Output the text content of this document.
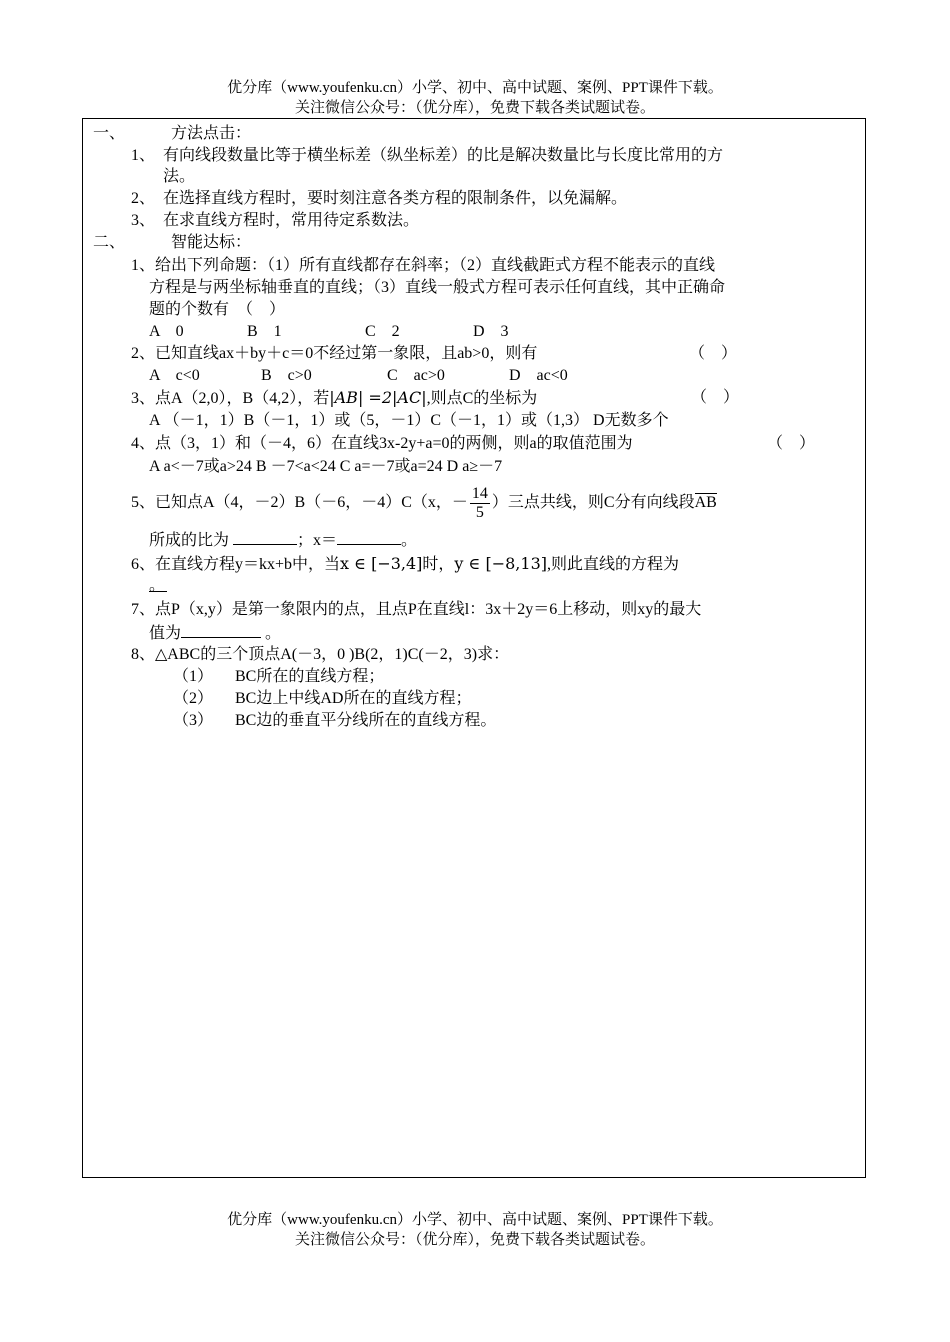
优分库（www.youfenku.cn）小学、初中、高中试题、案例、PPT课件下载。
关注微信公众号：（优分库），免费下载各类试题试卷。
一、	方法点击：
1、 有向线段数量比等于横坐标差（纵坐标差）的比是解决数量比与长度比常用的方
法。
2、 在选择直线方程时，要时刻注意各类方程的限制条件，以免漏解。
3、 在求直线方程时，常用待定系数法。
二、	智能达标：
1、给出下列命题：（1）所有直线都存在斜率；（2）直线截距式方程不能表示的直线
方程是与两坐标轴垂直的直线；（3）直线一般式方程可表示任何直线，其中正确命
题的个数有　（　）
A　0	B　1	C　2	D　3
2、已知直线ax＋by＋c＝0不经过第一象限，且ab>0，则有	（　）
A　c<0	B　c>0	C　ac>0	D　ac<0
3、点A（2,0），B（4,2），若|AB| =2|AC|,则点C的坐标为	（　）
A （－1，1）B（－1，1）或（5，－1）C（－1，1）或（1,3） D无数多个
4、点（3，1）和（－4，6）在直线3x-2y+a=0的两侧，则a的取值范围为	（　）
A a<－7或a>24 B －7<a<24 C a=－7或a=24 D a≥－7
5、已知点A（4，－2）B（－6，－4）C（x，－ $\frac{14}{5}$ ）三点共线，则C分有向线段AB
所成的比为	；x＝	。
6、在直线方程y＝kx+b中，当x ∈ [−3,4]时，y ∈ [−8,13],则此直线的方程为
。
7、点P（x,y）是第一象限内的点，且点P在直线l：3x＋2y＝6上移动，则xy的最大
值为	。
8、△ABC的三个顶点A(－3，0 )B(2，1)C(－2，3)求：
（1） BC所在的直线方程；
（2） BC边上中线AD所在的直线方程；
（3） BC边的垂直平分线所在的直线方程。
优分库（www.youfenku.cn）小学、初中、高中试题、案例、PPT课件下载。
关注微信公众号：（优分库），免费下载各类试题试卷。
